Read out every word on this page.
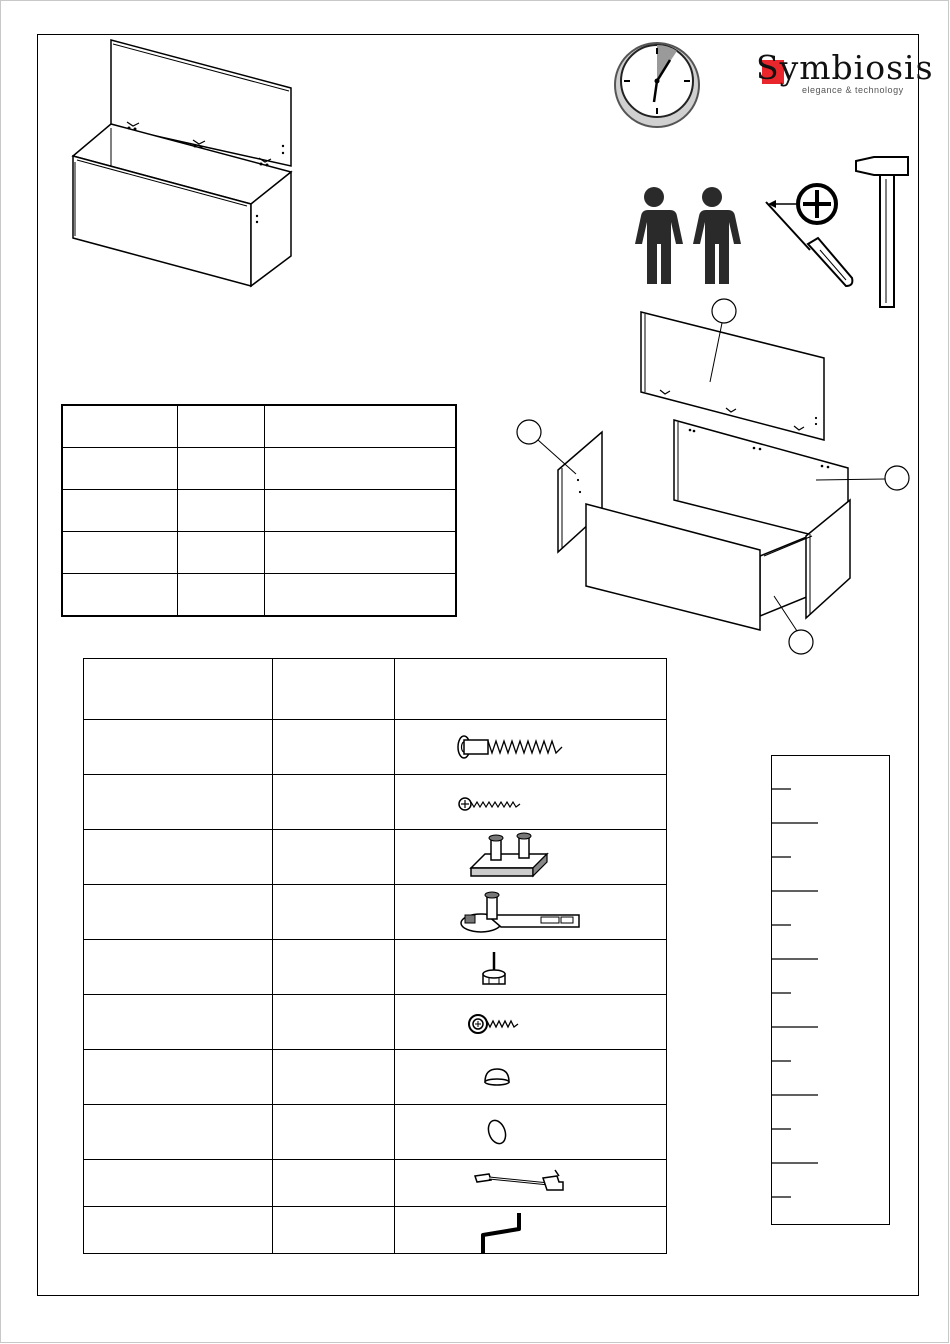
Symbiosis
elegance & technology
